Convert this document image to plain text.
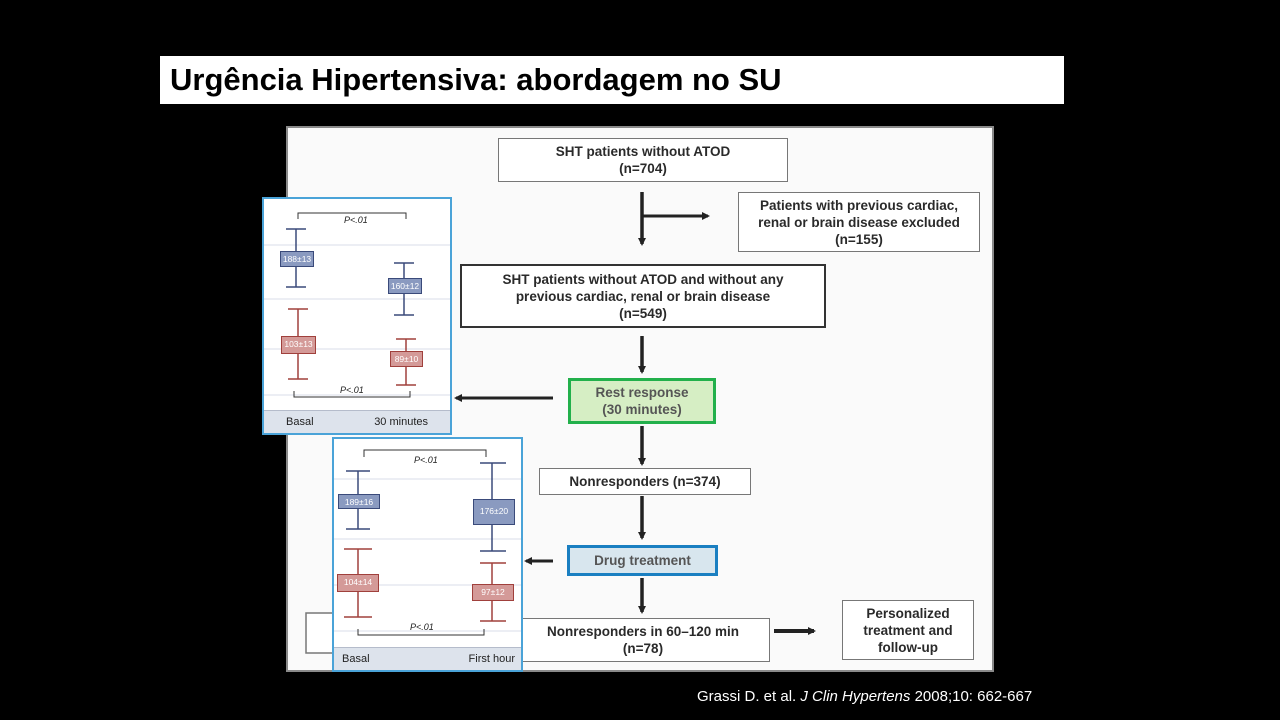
Urgência Hipertensiva: abordagem no SU
SHT patients without ATOD
(n=704)
Patients with previous cardiac,
renal or brain disease excluded
(n=155)
SHT patients without ATOD and without any
previous cardiac, renal or brain disease
(n=549)
Rest response
(30 minutes)
Nonresponders (n=374)
Drug treatment
Nonresponders in 60–120 min
(n=78)
Personalized
treatment and
follow-up
P<.01
P<.01
188±13
160±12
103±13
89±10
Basal	30 minutes
P<.01
P<.01
189±16
176±20
104±14
97±12
Basal	First hour
Grassi D. et al. J Clin Hypertens 2008;10: 662-667
